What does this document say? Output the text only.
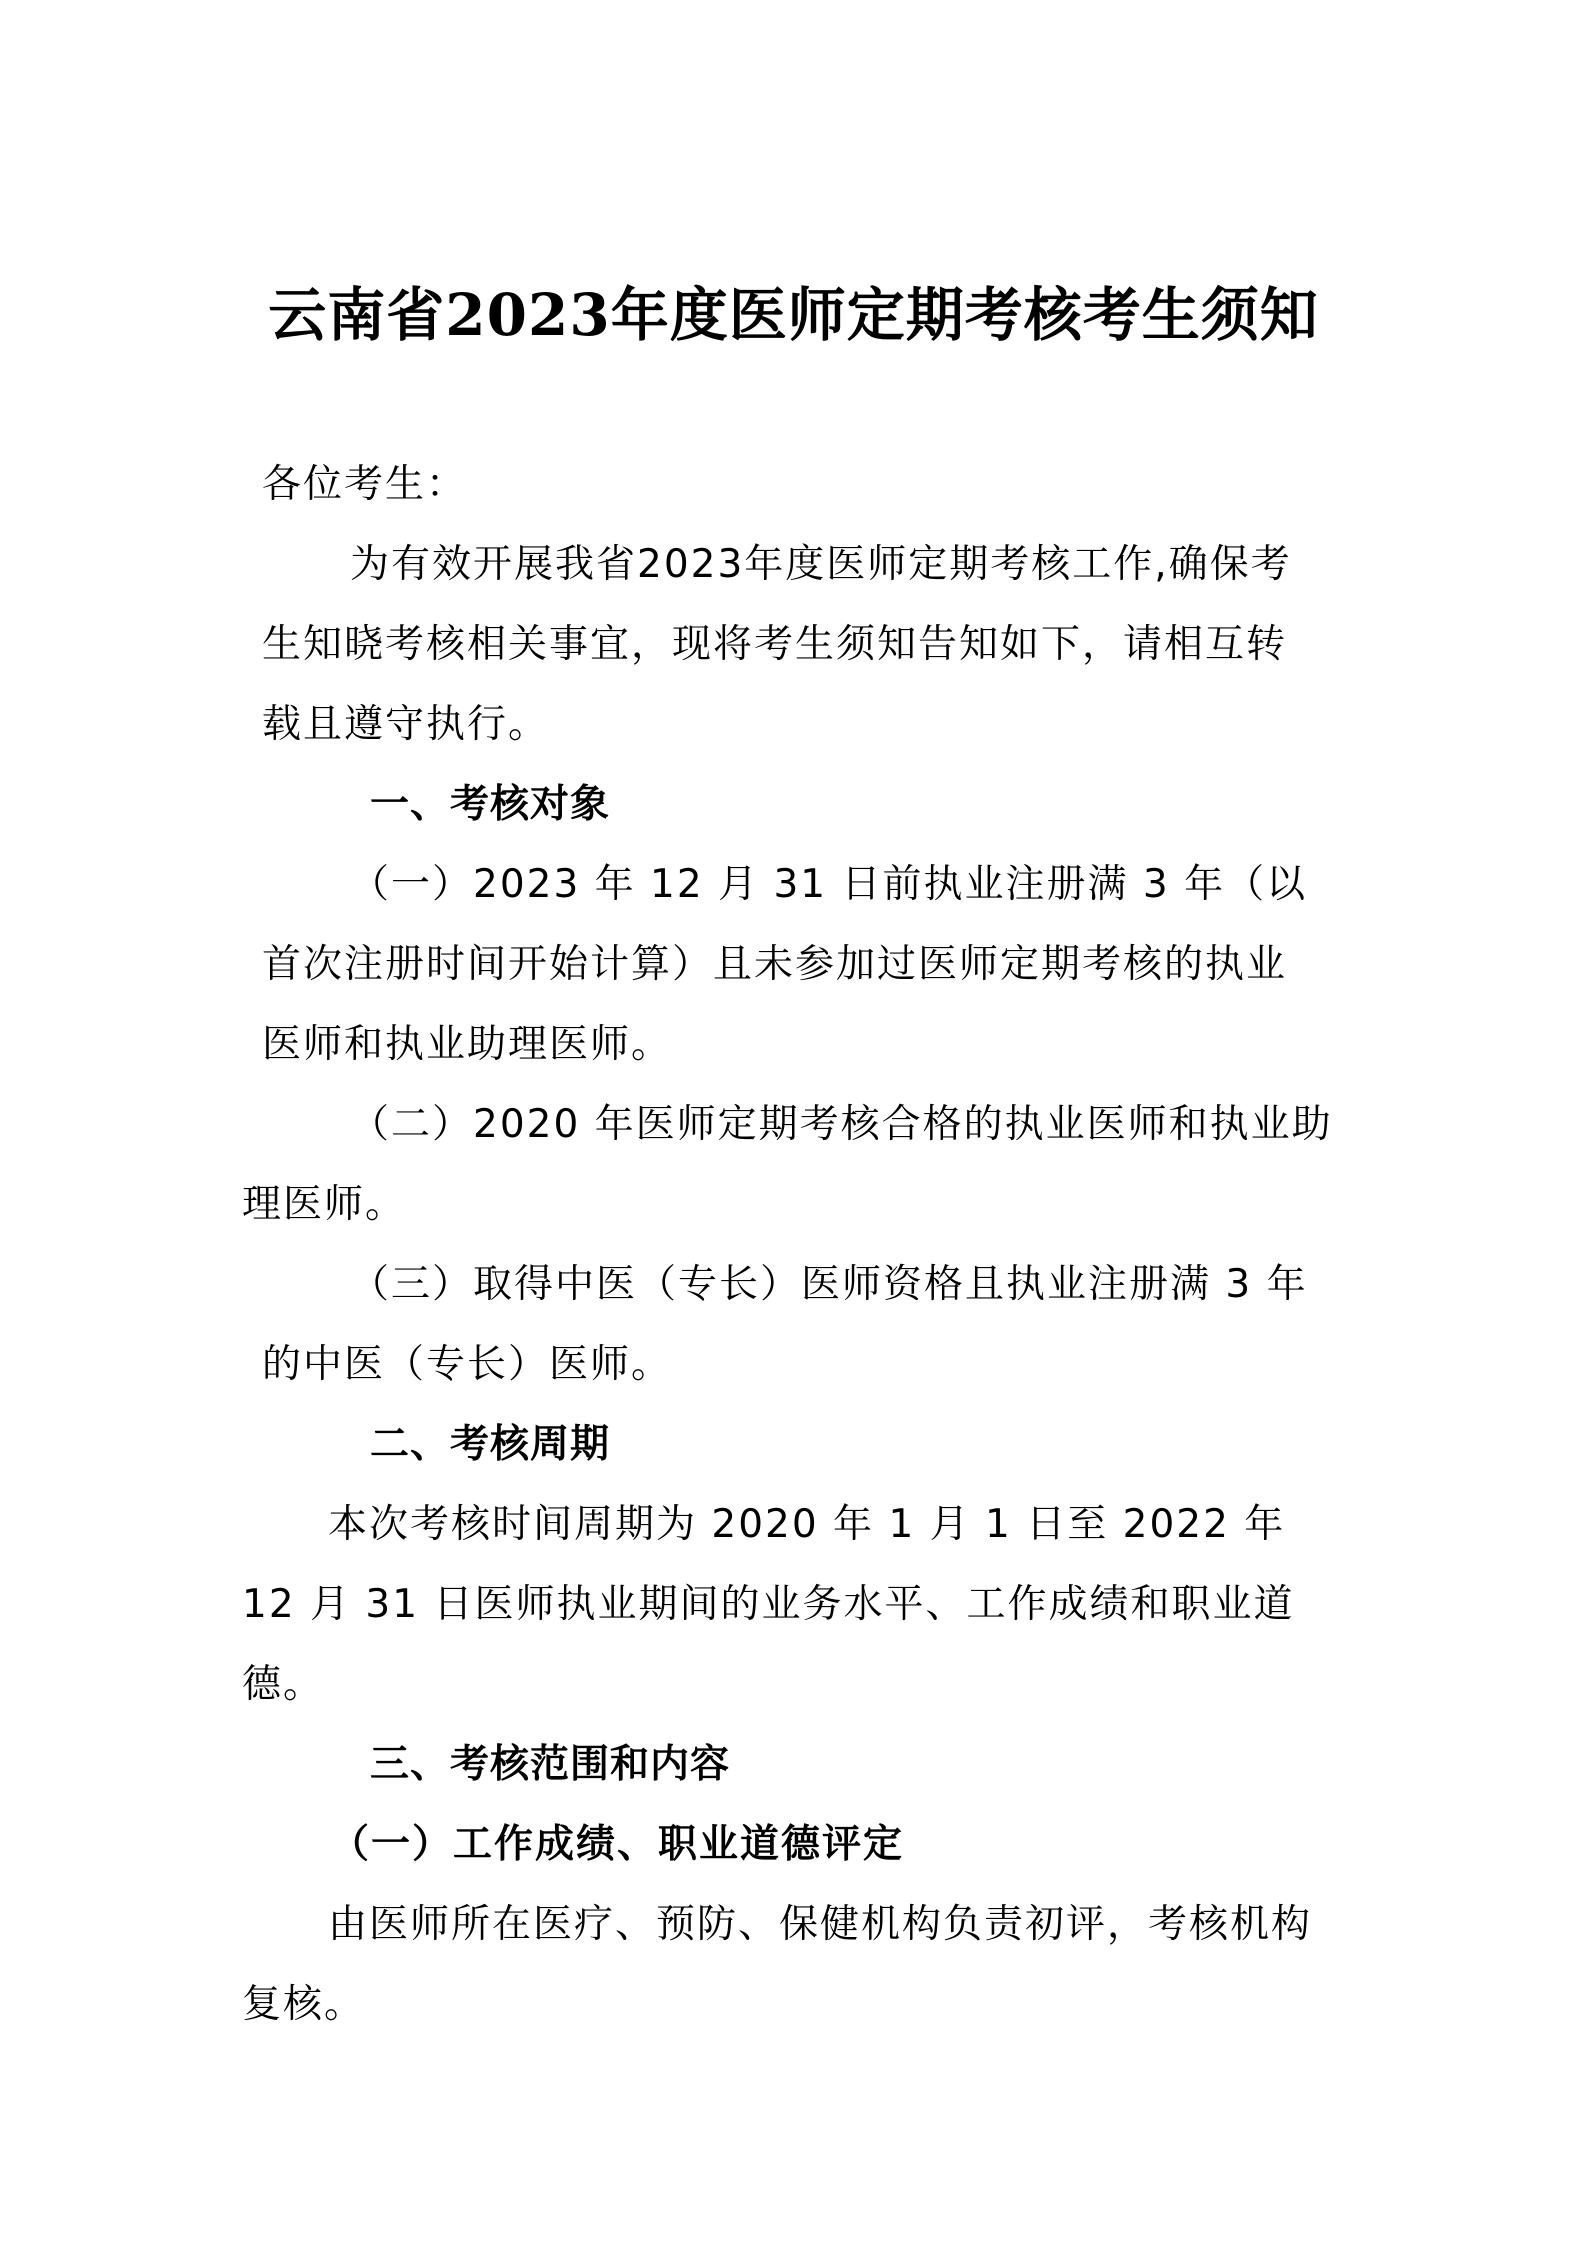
云南省2023年度医师定期考核考生须知
各位考生：
为有效开展我省2023年度医师定期考核工作,确保考
生知晓考核相关事宜，现将考生须知告知如下，请相互转
载且遵守执行。
一、考核对象
（一）2023 年 12 月 31 日前执业注册满 3 年（以
首次注册时间开始计算）且未参加过医师定期考核的执业
医师和执业助理医师。
（二）2020 年医师定期考核合格的执业医师和执业助
理医师。
（三）取得中医（专长）医师资格且执业注册满 3 年
的中医（专长）医师。
二、考核周期
本次考核时间周期为 2020 年 1 月 1 日至 2022 年
12 月 31 日医师执业期间的业务水平、工作成绩和职业道
德。
三、考核范围和内容
（一）工作成绩、职业道德评定
由医师所在医疗、预防、保健机构负责初评，考核机构
复核。
